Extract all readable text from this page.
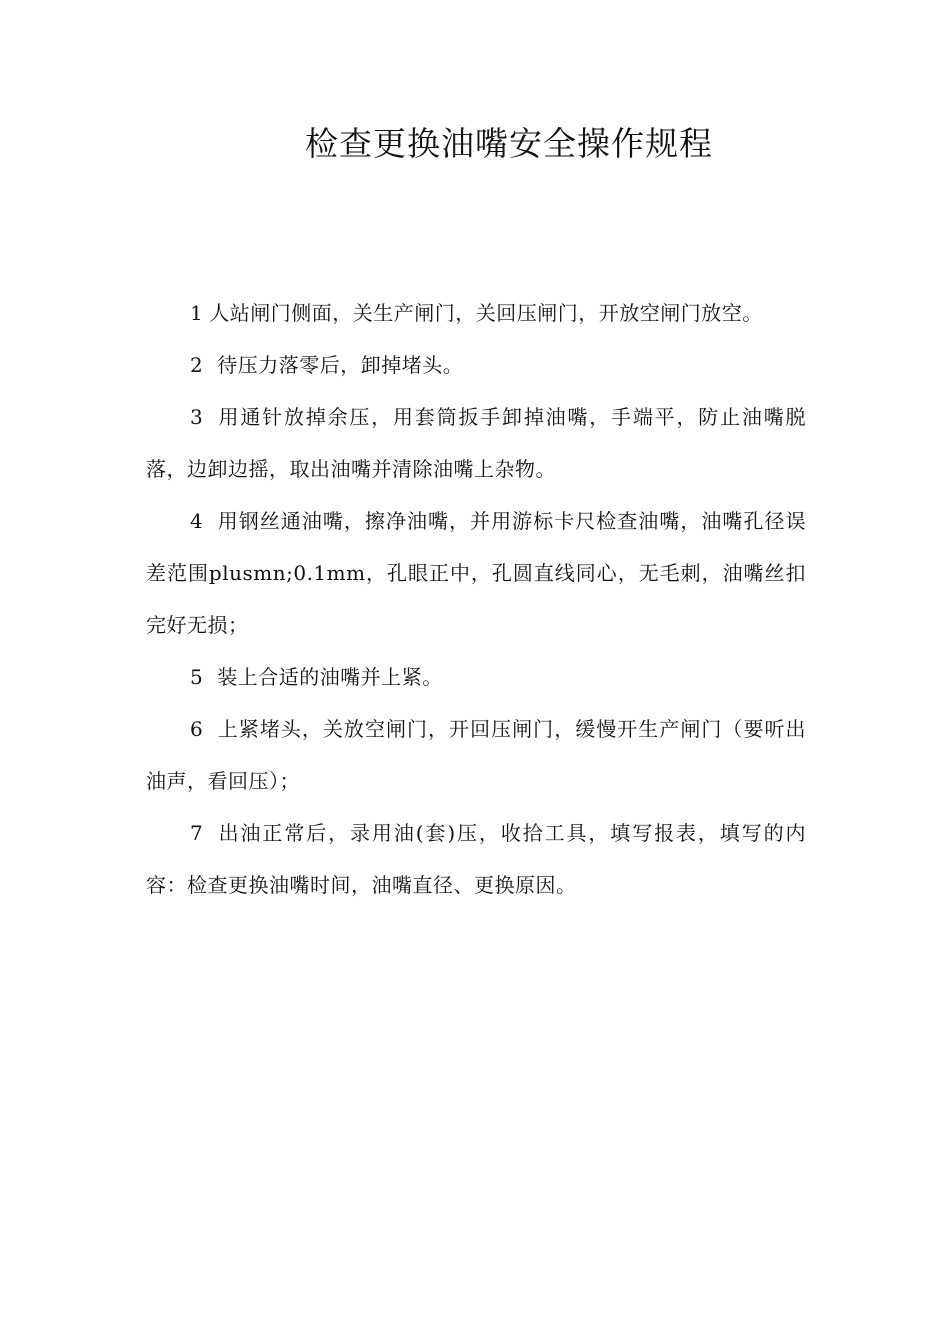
检查更换油嘴安全操作规程

1 人站闸门侧面，关生产闸门，关回压闸门，开放空闸门放空。

2 待压力落零后，卸掉堵头。

3 用通针放掉余压，用套筒扳手卸掉油嘴，手端平，防止油嘴脱落，边卸边摇，取出油嘴并清除油嘴上杂物。

4 用钢丝通油嘴，擦净油嘴，并用游标卡尺检查油嘴，油嘴孔径误差范围plusmn;0.1mm，孔眼正中，孔圆直线同心，无毛刺，油嘴丝扣完好无损；

5 装上合适的油嘴并上紧。

6 上紧堵头，关放空闸门，开回压闸门，缓慢开生产闸门（要听出油声，看回压）；

7 出油正常后，录用油(套)压，收拾工具，填写报表，填写的内容：检查更换油嘴时间，油嘴直径、更换原因。
